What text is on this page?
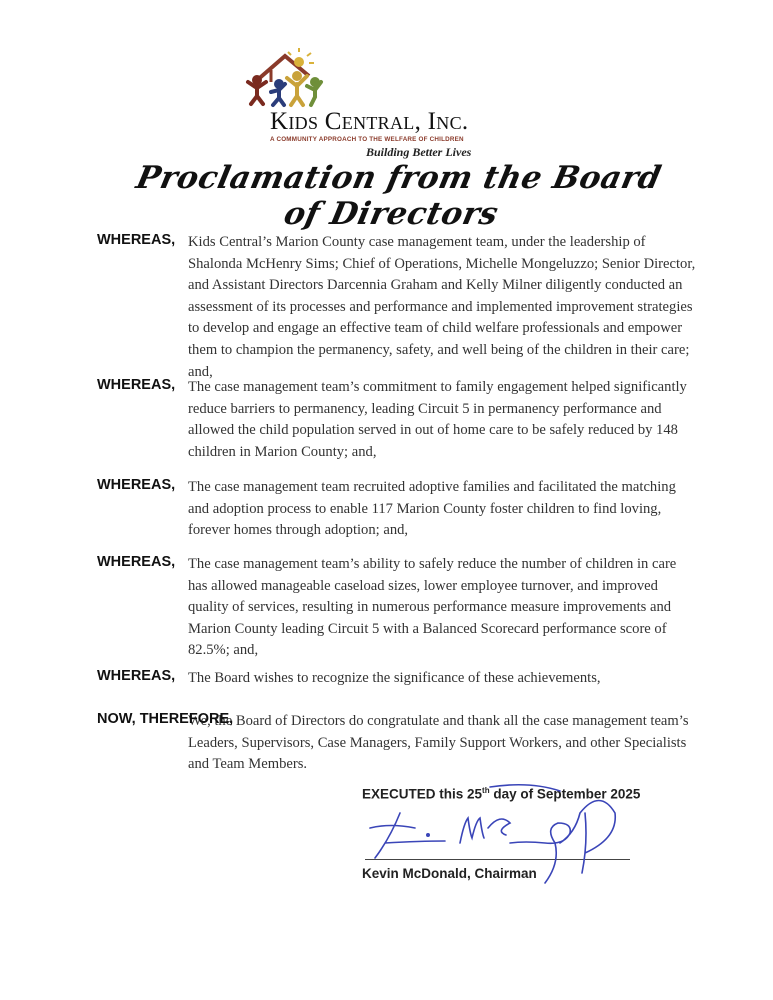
Kids Central, Inc.
A COMMUNITY APPROACH TO THE WELFARE OF CHILDREN
Building Better Lives
Proclamation from the Board of Directors
WHEREAS, Kids Central’s Marion County case management team, under the leadership of Shalonda McHenry Sims; Chief of Operations, Michelle Mongeluzzo; Senior Director, and Assistant Directors Darcennia Graham and Kelly Milner diligently conducted an assessment of its processes and performance and implemented improvement strategies to develop and engage an effective team of child welfare professionals and empower them to champion the permanency, safety, and well being of the children in their care; and,
WHEREAS, The case management team’s commitment to family engagement helped significantly reduce barriers to permanency, leading Circuit 5 in permanency performance and allowed the child population served in out of home care to be safely reduced by 148 children in Marion County; and,
WHEREAS, The case management team recruited adoptive families and facilitated the matching and adoption process to enable 117 Marion County foster children to find loving, forever homes through adoption; and,
WHEREAS, The case management team’s ability to safely reduce the number of children in care has allowed manageable caseload sizes, lower employee turnover, and improved quality of services, resulting in numerous performance measure improvements and Marion County leading Circuit 5 with a Balanced Scorecard performance score of 82.5%; and,
WHEREAS, The Board wishes to recognize the significance of these achievements,
NOW, THEREFORE,
We, the Board of Directors do congratulate and thank all the case management team’s Leaders, Supervisors, Case Managers, Family Support Workers, and other Specialists and Team Members.
EXECUTED this 25th day of September 2025
Kevin McDonald, Chairman
